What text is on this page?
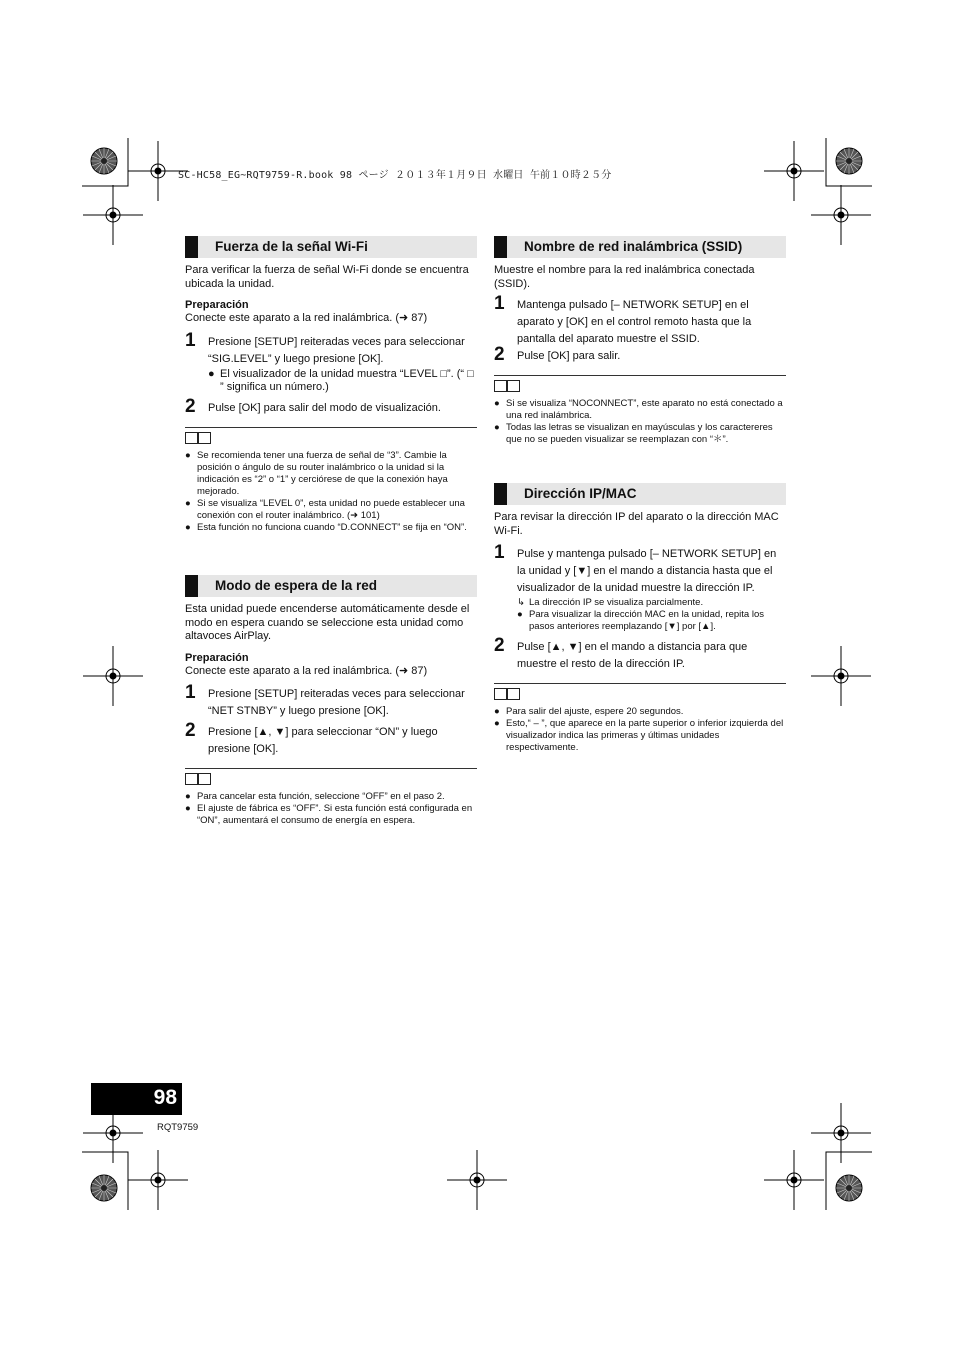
SC-HC58_EG~RQT9759-R.book 98 ページ ２０１３年１月９日 水曜日 午前１０時２５分
Fuerza de la señal Wi-Fi

Para verificar la fuerza de señal Wi-Fi donde se encuentra ubicada la unidad.

Preparación

Conecte este aparato a la red inalámbrica. (➜ 87)

1 Presione [SETUP] reiteradas veces para seleccionar “SIG.LEVEL” y luego presione [OK].
● El visualizador de la unidad muestra “LEVEL □”. (“ □ ” significa un número.)
2 Pulse [OK] para salir del modo de visualización.
● Se recomienda tener una fuerza de señal de “3”. Cambie la posición o ángulo de su router inalámbrico o la unidad si la indicación es “2” o “1” y cerciórese de que la conexión haya mejorado.
● Si se visualiza “LEVEL 0”, esta unidad no puede establecer una conexión con el router inalámbrico. (➜ 101)
● Esta función no funciona cuando “D.CONNECT” se fija en “ON”.
Modo de espera de la red

Esta unidad puede encenderse automáticamente desde el modo en espera cuando se seleccione esta unidad como altavoces AirPlay.

Preparación

Conecte este aparato a la red inalámbrica. (➜ 87)

1 Presione [SETUP] reiteradas veces para seleccionar “NET STNBY” y luego presione [OK].
2 Presione [▲, ▼] para seleccionar “ON” y luego presione [OK].
● Para cancelar esta función, seleccione “OFF” en el paso 2.
● El ajuste de fábrica es “OFF”. Si esta función está configurada en “ON”, aumentará el consumo de energía en espera.
Nombre de red inalámbrica (SSID)

Muestre el nombre para la red inalámbrica conectada (SSID).

1 Mantenga pulsado [– NETWORK SETUP] en el aparato y [OK] en el control remoto hasta que la pantalla del aparato muestre el SSID.
2 Pulse [OK] para salir.
● Si se visualiza “NOCONNECT”, este aparato no está conectado a una red inalámbrica.
● Todas las letras se visualizan en mayúsculas y los caractereres que no se pueden visualizar se reemplazan con “＊”.
Dirección IP/MAC

Para revisar la dirección IP del aparato o la dirección MAC Wi-Fi.

1 Pulse y mantenga pulsado [– NETWORK SETUP] en la unidad y [▼] en el mando a distancia hasta que el visualizador de la unidad muestre la dirección IP.
↳ La dirección IP se visualiza parcialmente.
● Para visualizar la dirección MAC en la unidad, repita los pasos anteriores reemplazando [▼] por [▲].
2 Pulse [▲, ▼] en el mando a distancia para que muestre el resto de la dirección IP.
● Para salir del ajuste, espere 20 segundos.
● Esto,“ – ”, que aparece en la parte superior o inferior izquierda del visualizador indica las primeras y últimas unidades respectivamente.
98
RQT9759
